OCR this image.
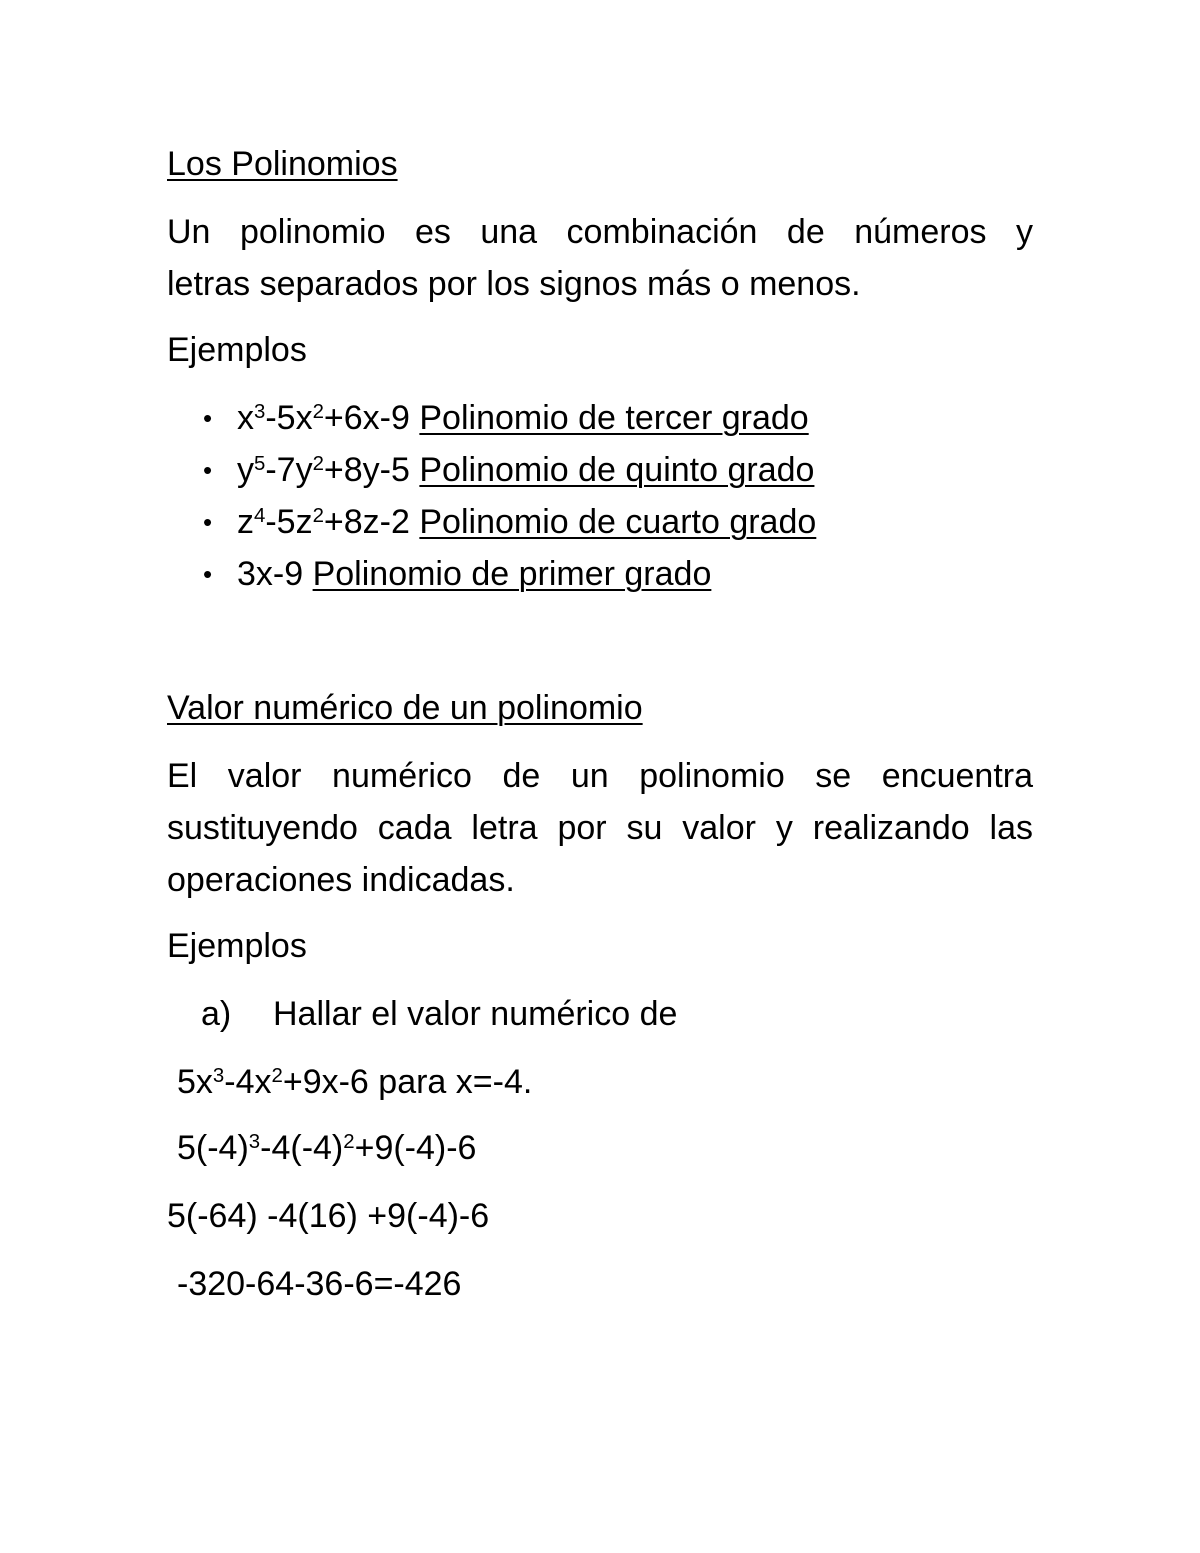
Los Polinomios
Un polinomio es una combinación de números y
letras separados por los signos más o menos.
Ejemplos
• $x^3-5x^2+6x-9$ Polinomio de tercer grado
• $y^5-7y^2+8y-5$ Polinomio de quinto grado
• $z^4-5z^2+8z-2$ Polinomio de cuarto grado
• 3x-9 Polinomio de primer grado
Valor numérico de un polinomio
El valor numérico de un polinomio se encuentra
sustituyendo cada letra por su valor y realizando las
operaciones indicadas.
Ejemplos
a) Hallar el valor numérico de
$5x^3-4x^2+9x-6$ para x=-4.
$5(-4)^3-4(-4)^2+9(-4)-6$
5(-64) -4(16) +9(-4)-6
-320-64-36-6=-426
